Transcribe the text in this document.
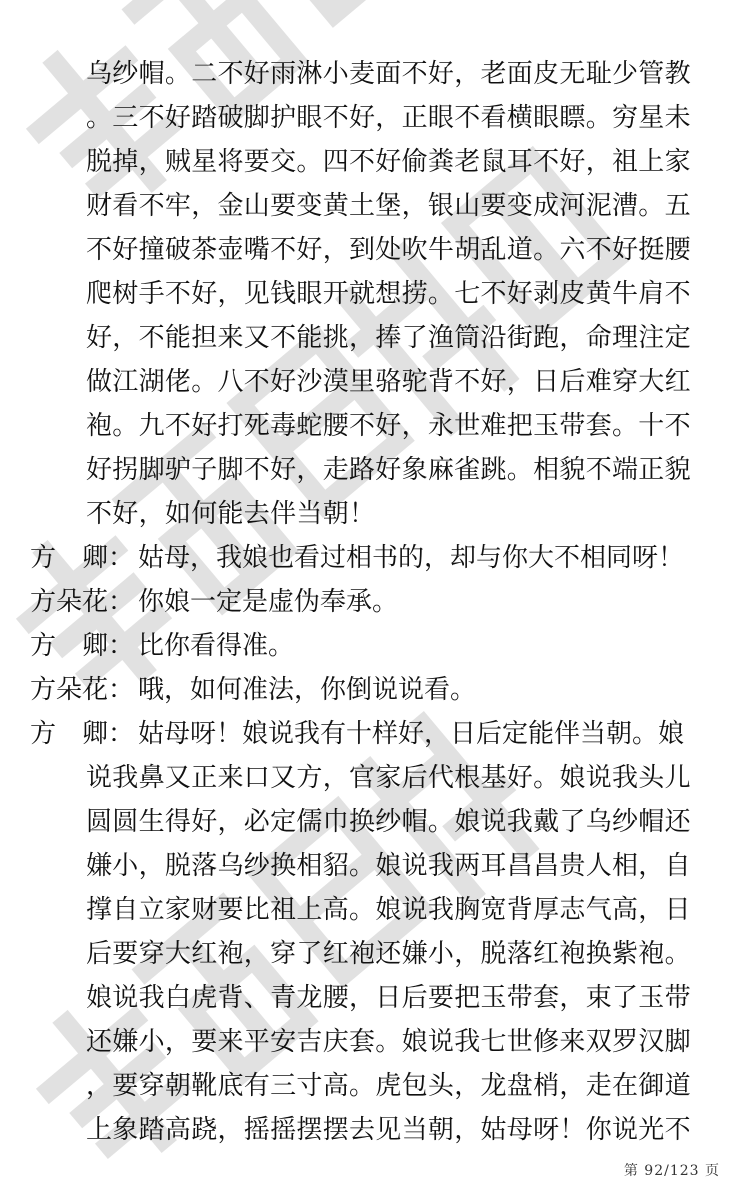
乌纱帽。二不好雨淋小麦面不好，老面皮无耻少管教
。三不好踏破脚护眼不好，正眼不看横眼瞟。穷星未
脱掉，贼星将要交。四不好偷粪老鼠耳不好，祖上家
财看不牢，金山要变黄土堡，银山要变成河泥漕。五
不好撞破茶壶嘴不好，到处吹牛胡乱道。六不好挺腰
爬树手不好，见钱眼开就想捞。七不好剥皮黄牛肩不
好，不能担来又不能挑，捧了渔筒沿街跑，命理注定
做江湖佬。八不好沙漠里骆驼背不好，日后难穿大红
袍。九不好打死毒蛇腰不好，永世难把玉带套。十不
好拐脚驴子脚不好，走路好象麻雀跳。相貌不端正貌
不好，如何能去伴当朝！
方　卿： 姑母，我娘也看过相书的，却与你大不相同呀！
方朵花： 你娘一定是虚伪奉承。
方　卿： 比你看得准。
方朵花： 哦，如何准法，你倒说说看。
方　卿： 姑母呀！娘说我有十样好，日后定能伴当朝。娘
说我鼻又正来口又方，官家后代根基好。娘说我头儿
圆圆生得好，必定儒巾换纱帽。娘说我戴了乌纱帽还
嫌小，脱落乌纱换相貂。娘说我两耳昌昌贵人相，自
撑自立家财要比祖上高。娘说我胸宽背厚志气高，日
后要穿大红袍，穿了红袍还嫌小，脱落红袍换紫袍。
娘说我白虎背、青龙腰，日后要把玉带套，束了玉带
还嫌小，要来平安吉庆套。娘说我七世修来双罗汉脚
，要穿朝靴底有三寸高。虎包头，龙盘梢，走在御道
上象踏高跷，摇摇摆摆去见当朝，姑母呀！你说光不
第 92/123 页
